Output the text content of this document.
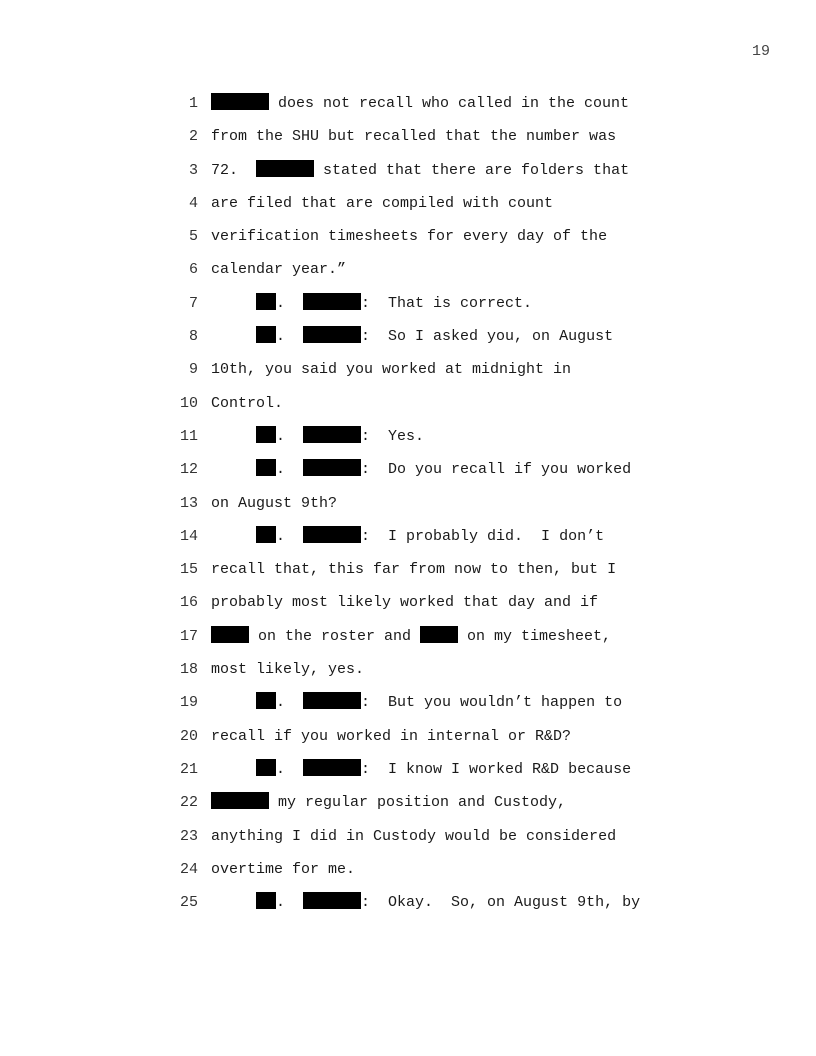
19
1	does not recall who called in the count
2 from the SHU but recalled that the number was
3 72.	stated that there are folders that
4 are filed that are compiled with count
5 verification timesheets for every day of the
6 calendar year.”
7	.	:  That is correct.
8	.	:  So I asked you, on August
9 10th, you said you worked at midnight in
10 Control.
11	.	:  Yes.
12	.	:  Do you recall if you worked
13 on August 9th?
14	.	:  I probably did.  I don’t
15 recall that, this far from now to then, but I
16 probably most likely worked that day and if
17	on the roster and	on my timesheet,
18 most likely, yes.
19	.	:  But you wouldn’t happen to
20 recall if you worked in internal or R&D?
21	.	:  I know I worked R&D because
22	my regular position and Custody,
23 anything I did in Custody would be considered
24 overtime for me.
25	.	:  Okay.  So, on August 9th, by
